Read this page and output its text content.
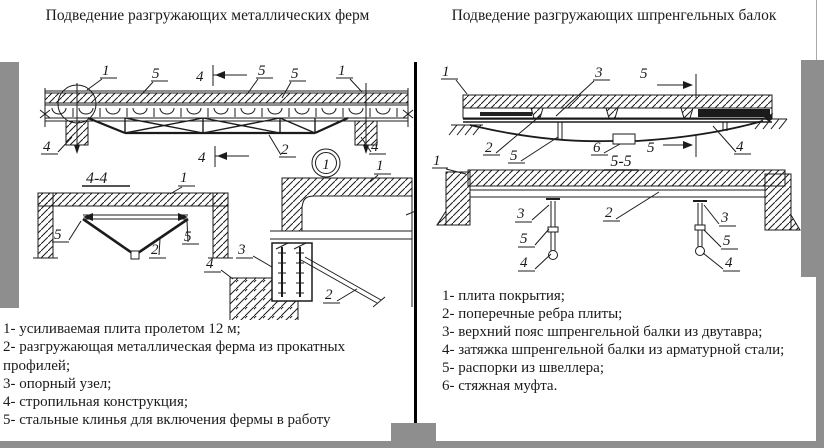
Подведение разгружающих металлических ферм	Подведение разгружающих шпренгельных балок
1	5 4	5 5	1
4	4
2
4	1
4-4	1
5	5
2	3
4
2
1
1	3	5
2 5	6	5	4
5-5
1
3
5
4
3
5
4
2
1- усиливаемая плита пролетом 12 м;
2- разгружающая металлическая ферма из прокатных профилей;
3- опорный узел;
4- стропильная конструкция;
5- стальные клинья для включения фермы в работу
1- плита покрытия;
2- поперечные ребра плиты;
3- верхний пояс шпренгельной балки из двутавра;
4- затяжка шпренгельной балки из арматурной стали;
5- распорки из швеллера;
6- стяжная муфта.
